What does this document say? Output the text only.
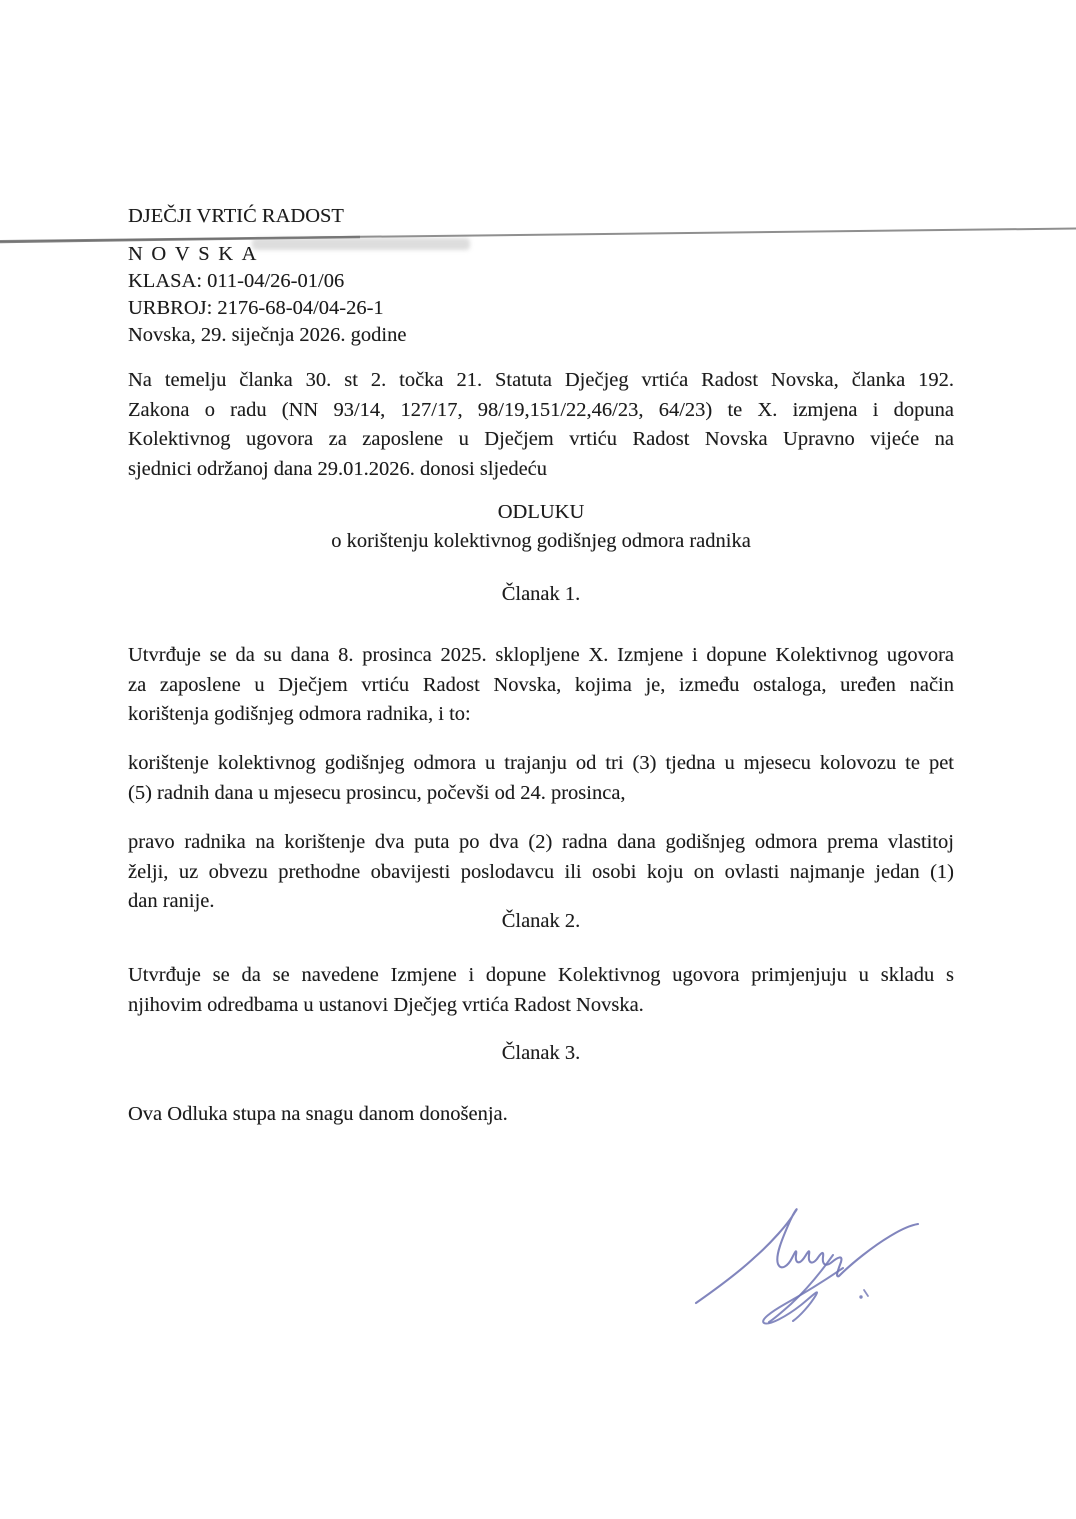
DJEČJI VRTIĆ RADOST
NOVSKA
KLASA: 011-04/26-01/06
URBROJ: 2176-68-04/04-26-1
Novska, 29. siječnja 2026. godine
Na temelju članka 30. st 2. točka 21. Statuta Dječjeg vrtića Radost Novska, članka 192.
Zakona o radu (NN 93/14, 127/17, 98/19,151/22,46/23, 64/23) te X. izmjena i dopuna
Kolektivnog ugovora za zaposlene u Dječjem vrtiću Radost Novska Upravno vijeće na
sjednici održanoj dana 29.01.2026. donosi sljedeću
ODLUKU
o korištenju kolektivnog godišnjeg odmora radnika
Članak 1.
Utvrđuje se da su dana 8. prosinca 2025. sklopljene X. Izmjene i dopune Kolektivnog ugovora
za zaposlene u Dječjem vrtiću Radost Novska, kojima je, između ostaloga, uređen način
korištenja godišnjeg odmora radnika, i to:
korištenje kolektivnog godišnjeg odmora u trajanju od tri (3) tjedna u mjesecu kolovozu te pet
(5) radnih dana u mjesecu prosincu, počevši od 24. prosinca,
pravo radnika na korištenje dva puta po dva (2) radna dana godišnjeg odmora prema vlastitoj
želji, uz obvezu prethodne obavijesti poslodavcu ili osobi koju on ovlasti najmanje jedan (1)
dan ranije.
Članak 2.
Utvrđuje se da se navedene Izmjene i dopune Kolektivnog ugovora primjenjuju u skladu s
njihovim odredbama u ustanovi Dječjeg vrtića Radost Novska.
Članak 3.
Ova Odluka stupa na snagu danom donošenja.
